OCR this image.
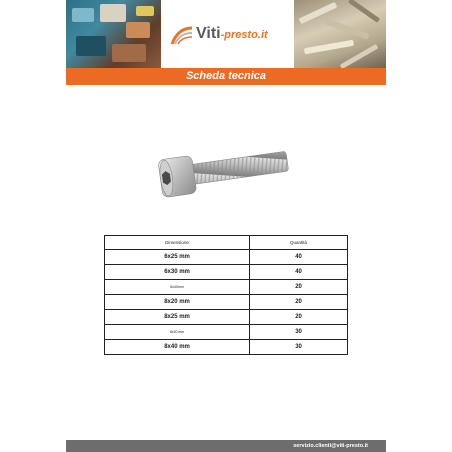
Viti-presto.it
Scheda tecnica
Dimensione	Quantità
6x25 mm	40
6x30 mm	40
6x40mm	20
8x20 mm	20
8x25 mm	20
8x30 mm	30
8x40 mm	30
servizio.clienti@viti-presto.it
